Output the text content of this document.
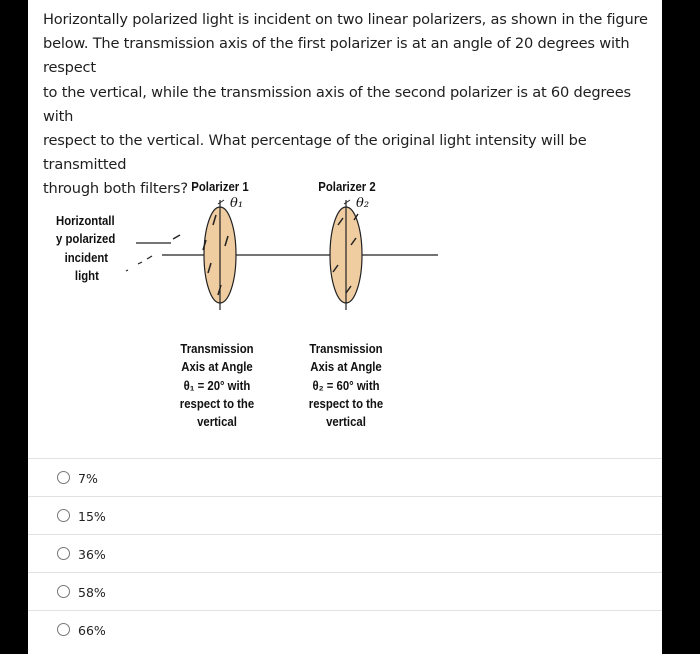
Horizontally polarized light is incident on two linear polarizers, as shown in the figure
below. The transmission axis of the first polarizer is at an angle of 20 degrees with respect
to the vertical, while the transmission axis of the second polarizer is at 60 degrees with
respect to the vertical. What percentage of the original light intensity will be transmitted
through both filters? Polarizer 1	Polarizer 2
θ₁	θ₂
Horizontall
y polarized
incident
light
Transmission
Axis at Angle
θ₁ = 20° with
respect to the
vertical
Transmission
Axis at Angle
θ₂ = 60° with
respect to the
vertical
7%
15%
36%
58%
66%
